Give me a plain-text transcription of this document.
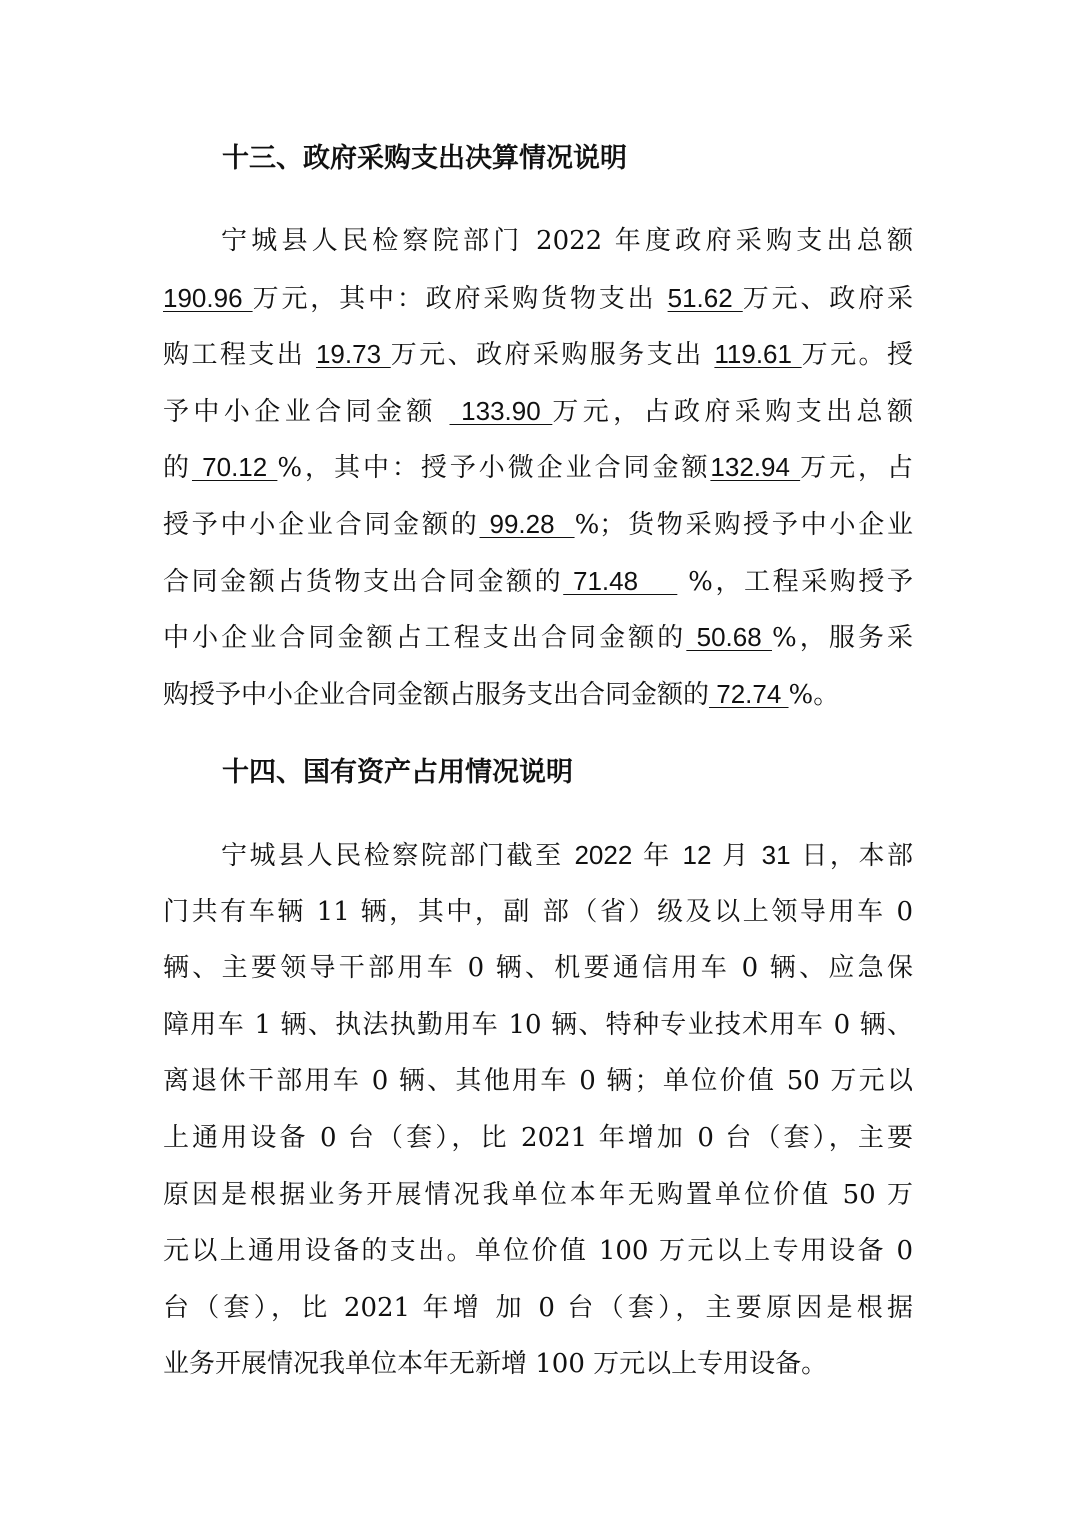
十三、政府采购支出决算情况说明
宁城县人民检察院部门 2022 年度政府采购支出总额
190.96 万元，其中：政府采购货物支出 51.62 万元、政府采
购工程支出 19.73 万元、政府采购服务支出 119.61 万元。授
予中小企业合同金额  133.90 万元，占政府采购支出总额
的 70.12 %，其中：授予小微企业合同金额132.94 万元，占
授予中小企业合同金额的 99.28  %；货物采购授予中小企业
合同金额占货物支出合同金额的 71.48     %，工程采购授予
中小企业合同金额占工程支出合同金额的 50.68 %，服务采
购授予中小企业合同金额占服务支出合同金额的 72.74 %。
十四、国有资产占用情况说明
宁城县人民检察院部门截至 2022 年 12 月 31 日，本部
门共有车辆 11 辆，其中，副 部（省）级及以上领导用车 0
辆、主要领导干部用车 0 辆、机要通信用车 0 辆、应急保
障用车 1 辆、执法执勤用车 10 辆、特种专业技术用车 0 辆、
离退休干部用车 0 辆、其他用车 0 辆；单位价值 50 万元以
上通用设备 0 台（套），比 2021 年增加 0 台（套），主要
原因是根据业务开展情况我单位本年无购置单位价值 50 万
元以上通用设备的支出。单位价值 100 万元以上专用设备 0
台（套），比 2021 年增 加 0 台（套），主要原因是根据
业务开展情况我单位本年无新增 100 万元以上专用设备。
